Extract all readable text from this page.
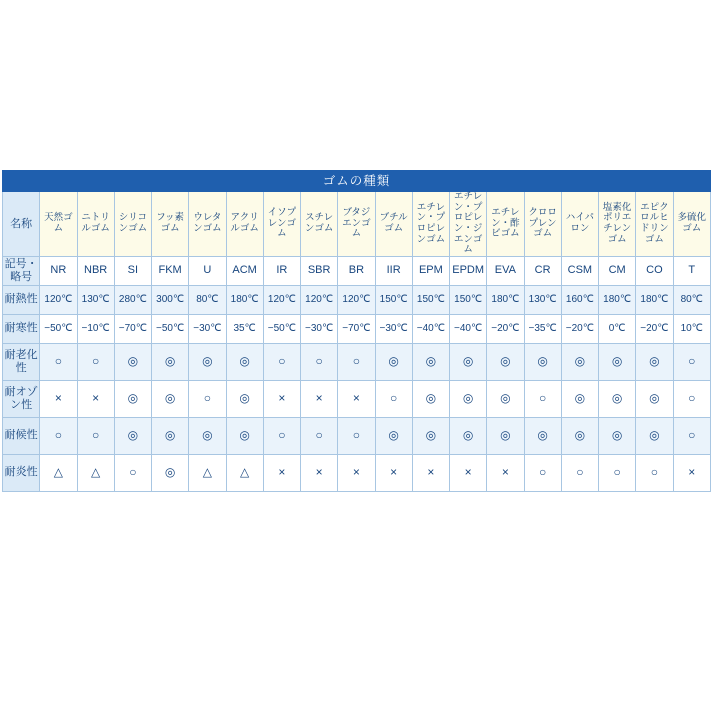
ゴムの種類																		
名称	天然ゴム	ニトリルゴム	シリコンゴム	フッ素ゴム	ウレタンゴム	アクリルゴム	イソプレンゴム	スチレンゴム	ブタジエンゴム	ブチルゴム	エチレン・プロピレンゴム	エチレン・プロピレン・ジエンゴム	エチレン・酢ビゴム	クロロプレンゴム	ハイパロン	塩素化ポリエチレンゴム	エピクロルヒドリンゴム	多硫化ゴム

記号・略号	NR	NBR	SI	FKM	U	ACM	IR	SBR	BR	IIR	EPM	EPDM	EVA	CR	CSM	CM	CO	T
耐熱性	120℃	130℃	280℃	300℃	80℃	180℃	120℃	120℃	120℃	150℃	150℃	150℃	180℃	130℃	160℃	180℃	180℃	80℃
耐寒性	−50℃	−10℃	−70℃	−50℃	−30℃	35℃	−50℃	−30℃	−70℃	−30℃	−40℃	−40℃	−20℃	−35℃	−20℃	0℃	−20℃	10℃
耐老化性	○	○	◎	◎	◎	◎	○	○	○	◎	◎	◎	◎	◎	◎	◎	◎	○
耐オゾン性	×	×	◎	◎	○	◎	×	×	×	○	◎	◎	◎	○	◎	◎	◎	○
耐候性	○	○	◎	◎	◎	◎	○	○	○	◎	◎	◎	◎	◎	◎	◎	◎	○
耐炎性	△	△	○	◎	△	△	×	×	×	×	×	×	×	○	○	○	○	×
